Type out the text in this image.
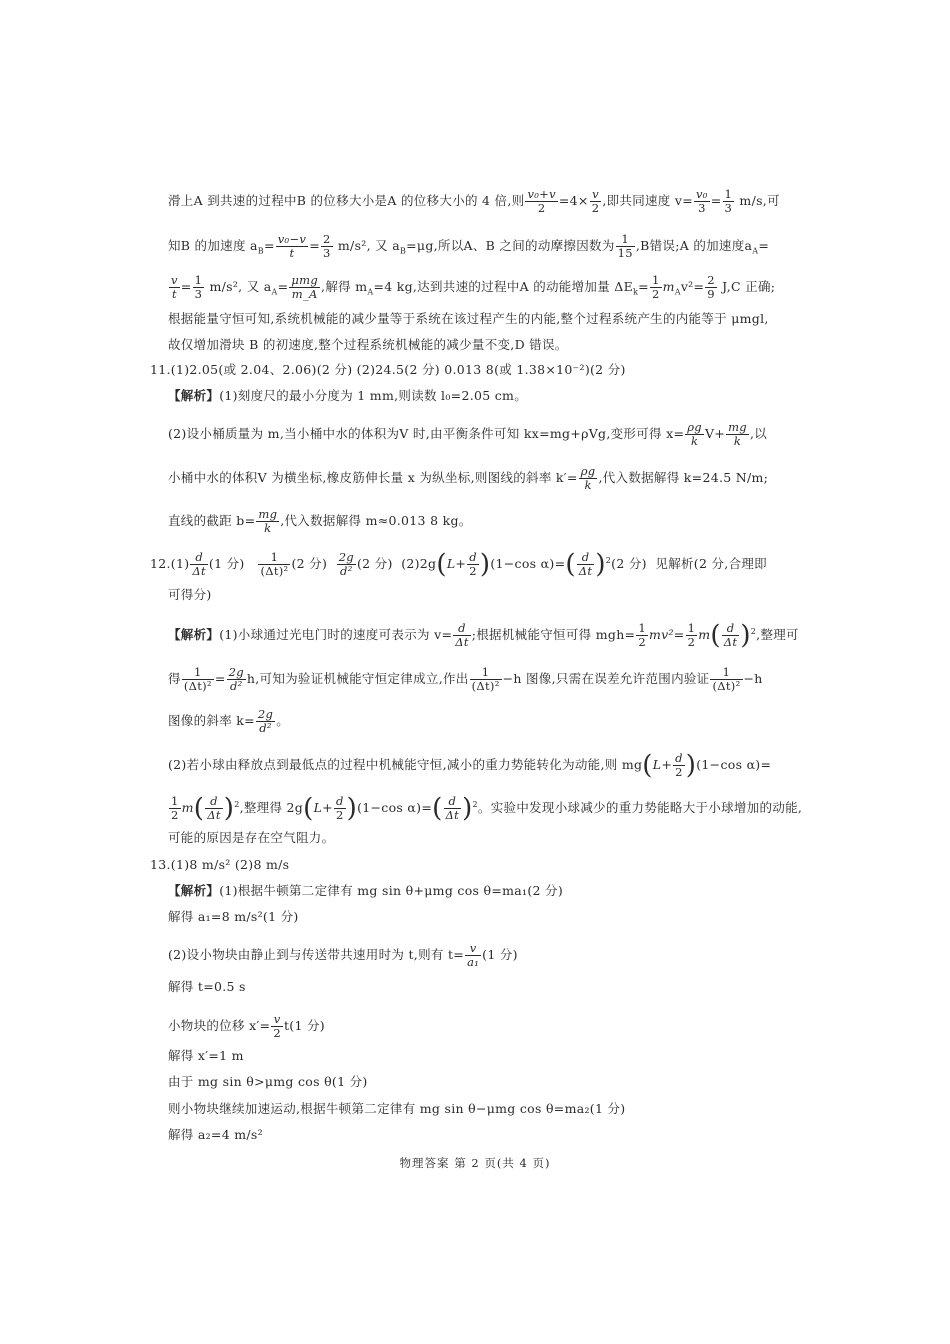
滑上A 到共速的过程中B 的位移大小是A 的位移大小的 4 倍,则 $\frac{\text{v₀+v}}{2} =4\times \frac{v}{2}$ ,即共同速度 $v= \frac{\text{v₀}}{3} = \frac{1}{3} m/s$,可
知B 的加速度 $a_B= \frac{\text{v₀−v}}{t} = \frac{2}{3} m/s^2$, 又 $a_B=\mu g$,所以A、B 之间的动摩擦因数为 $\frac{1}{15} ,B$错误;A 的加速度$a_A=$
$\frac{v}{t} = \frac{1}{3} m/s^2$, 又 $a_A= \frac{\text{μmg}}{m\_A}$ ,解得 $m_A=4$ kg,达到共速的过程中A 的动能增加量 $\Delta E_k= \frac{1}{2} m_Av^2= \frac{2}{9} J,C$ 正确;
根据能量守恒可知,系统机械能的减少量等于系统在该过程产生的内能,整个过程系统产生的内能等于 μmgl,
故仅增加滑块 B 的初速度,整个过程系统机械能的减少量不变,D 错误。
11.(1)2.05(或 2.04、2.06)(2 分) (2)24.5(2 分) 0.013 8(或 1.38×10⁻²)(2 分)
【解析】(1)刻度尺的最小分度为 1 mm,则读数 l₀=2.05 cm。
(2)设小桶质量为 m,当小桶中水的体积为V 时,由平衡条件可知 kx=mg+ρVg,变形可得 $x= \frac{\rho g}{k} V+ \frac{mg}{k}$ ,以
小桶中水的体积V 为横坐标,橡皮筋伸长量 x 为纵坐标,则图线的斜率 $k'= \frac{\rho g}{k}$ ,代入数据解得 k=24.5 N/m;
直线的截距 $b= \frac{mg}{k}$ ,代入数据解得 m≈0.013 8 kg。
$12.(1) \frac{d}{\Delta t} (1$ 分) $\frac{1}{\text{(Δt)²}} (2$ 分) $\frac{2g}{\text{d²}} (2$ 分) $(2)2g(L+ \frac{d}{2} )(1-\cos$ $\alpha)=( \frac{d}{\Delta t} )^2(2$ 分) 见解析(2 分,合理即
可得分)
【解析】(1)小球通过光电门时的速度可表示为 $v= \frac{d}{\Delta t}$ ;根据机械能守恒可得 $mgh= \frac{1}{2} mv^2= \frac{1}{2} m( \frac{d}{\Delta t} )^2$,整理可
得 $\frac{1}{\text{(Δt)²}} = \frac{2g}{\text{d²}} h$,可知为验证机械能守恒定律成立,作出 $\frac{1}{\text{(Δt)²}} -h$ 图像,只需在误差允许范围内验证 $\frac{1}{\text{(Δt)²}} -h$
图像的斜率 $k= \frac{2g}{\text{d²}}$ 。
(2)若小球由释放点到最低点的过程中机械能守恒,减小的重力势能转化为动能,则 $mg(L+ \frac{d}{2} )(1-\cos$ α)=
$\frac{1}{2} m( \frac{d}{\Delta t} )^2$,整理得 $2g(L+ \frac{d}{2} )(1-\cos$ $\alpha)=( \frac{d}{\Delta t} )^2$。实验中发现小球减少的重力势能略大于小球增加的动能,
可能的原因是存在空气阻力。
13.(1)8 m/s² (2)8 m/s
【解析】(1)根据牛顿第二定律有 mg sin θ+μmg cos θ=ma₁(2 分)
解得 a₁=8 m/s²(1 分)
(2)设小物块由静止到与传送带共速用时为 t,则有 $t= \frac{v}{\text{a₁}} (1$ 分)
解得 t=0.5 s
小物块的位移 $x'= \frac{v}{2} t(1$ 分)
解得 x′=1 m
由于 mg sin θ>μmg cos θ(1 分)
则小物块继续加速运动,根据牛顿第二定律有 mg sin θ−μmg cos θ=ma₂(1 分)
解得 a₂=4 m/s²
物理答案 第 2 页(共 4 页)
